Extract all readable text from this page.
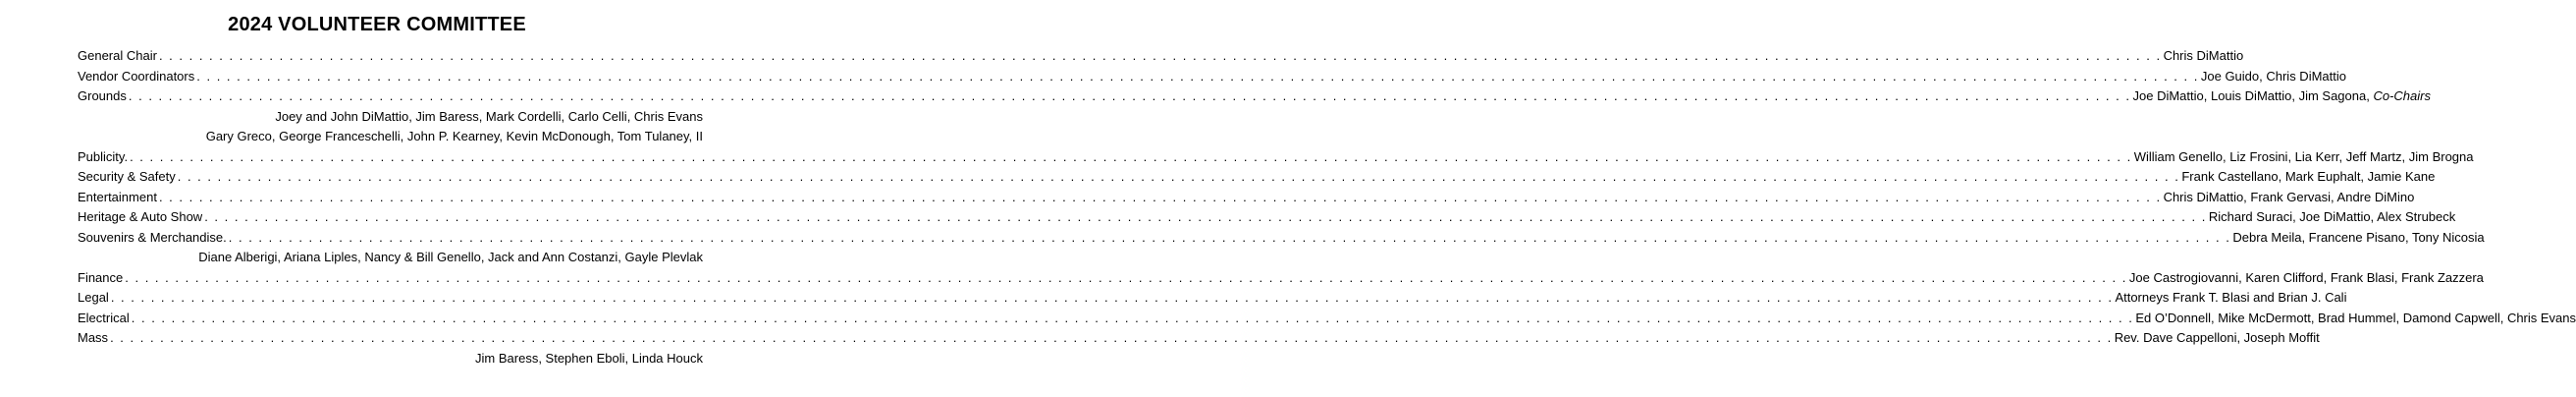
2024 VOLUNTEER COMMITTEE
General Chair . . . . . . . . . . . . . . . . . . . . . . . . . . . . . . . . . . . . . . . . . . . . . . . . . . . . . . . . . . . . . . . . . . . . . . . . . . . . . . . . . . . . . . . . . . . . . . . . . . . . . . . . . . . . . . . . . . . . . . . . . . . . . . . . . . . . . . . . . . . . . . . . . . . . . . . . . . . . . . . . . . . . . . . . . . . . . . . . . . . . . . . . . . . . . . . . . . . . . . . . Chris DiMattio
Vendor Coordinators . . . . . . . . . . . . . . . . . . . . . . . . . . . . . . . . . . . . . . . . . . . . . . . . . . . . . . . . . . . . . . . . . . . . . . . . . . . . . . . . . . . . . . . . . . . . . . . . . . . . . . . . . . . . . . . . . . . . . . . . . . . . . . . . . . . . . . . . . . . . . . . . . . . . . . . . . . . . . . . . . . . . . . . . . . . . . . . . . . . . . . . . . . . . . . . . . . . . . . . . Joe Guido, Chris DiMattio
Grounds . . . . . . . . . . . . . . . . . . . . . . . . . . . . . . . . . . . . . . . . . . . . . . . . . . . . . . . . . . . . . . . . . . . . . . . . . . . . . . . . . . . . . . . . . . . . . . . . . . . . . . . . . . . . . . . . . . . . . . . . . . . . . . . . . . . . . . . . . . . . . . . . . . . . . . . . . . . . . . . . . . . . . . . . . . . . . . . . . . . . . . . . . . . . . . . . . . . . . . . . Joe DiMattio, Louis DiMattio, Jim Sagona, Co-Chairs
Joey and John DiMattio, Jim Baress, Mark Cordelli, Carlo Celli, Chris Evans
Gary Greco, George Franceschelli, John P. Kearney, Kevin McDonough, Tom Tulaney, II
Publicity. . . . . . . . . . . . . . . . . . . . . . . . . . . . . . . . . . . . . . . . . . . . . . . . . . . . . . . . . . . . . . . . . . . . . . . . . . . . . . . . . . . . . . . . . . . . . . . . . . . . . . . . . . . . . . . . . . . . . . . . . . . . . . . . . . . . . . . . . . . . . . . . . . . . . . . . . . . . . . . . . . . . . . . . . . . . . . . . . . . . . . . . . . . . . . . . . . . . . . . . . William Genello, Liz Frosini, Lia Kerr, Jeff Martz, Jim Brogna
Security & Safety . . . . . . . . . . . . . . . . . . . . . . . . . . . . . . . . . . . . . . . . . . . . . . . . . . . . . . . . . . . . . . . . . . . . . . . . . . . . . . . . . . . . . . . . . . . . . . . . . . . . . . . . . . . . . . . . . . . . . . . . . . . . . . . . . . . . . . . . . . . . . . . . . . . . . . . . . . . . . . . . . . . . . . . . . . . . . . . . . . . . . . . . . . . . . . . . . . . . . . . . Frank Castellano, Mark Euphalt, Jamie Kane
Entertainment . . . . . . . . . . . . . . . . . . . . . . . . . . . . . . . . . . . . . . . . . . . . . . . . . . . . . . . . . . . . . . . . . . . . . . . . . . . . . . . . . . . . . . . . . . . . . . . . . . . . . . . . . . . . . . . . . . . . . . . . . . . . . . . . . . . . . . . . . . . . . . . . . . . . . . . . . . . . . . . . . . . . . . . . . . . . . . . . . . . . . . . . . . . . . . . . . . . . . . . . Chris DiMattio, Frank Gervasi, Andre DiMino
Heritage & Auto Show . . . . . . . . . . . . . . . . . . . . . . . . . . . . . . . . . . . . . . . . . . . . . . . . . . . . . . . . . . . . . . . . . . . . . . . . . . . . . . . . . . . . . . . . . . . . . . . . . . . . . . . . . . . . . . . . . . . . . . . . . . . . . . . . . . . . . . . . . . . . . . . . . . . . . . . . . . . . . . . . . . . . . . . . . . . . . . . . . . . . . . . . . . . . . . . . . . . . . . . . Richard Suraci, Joe DiMattio, Alex Strubeck
Souvenirs & Merchandise. . . . . . . . . . . . . . . . . . . . . . . . . . . . . . . . . . . . . . . . . . . . . . . . . . . . . . . . . . . . . . . . . . . . . . . . . . . . . . . . . . . . . . . . . . . . . . . . . . . . . . . . . . . . . . . . . . . . . . . . . . . . . . . . . . . . . . . . . . . . . . . . . . . . . . . . . . . . . . . . . . . . . . . . . . . . . . . . . . . . . . . . . . . . . . . . . . . . . . . . . Debra Meila, Francene Pisano, Tony Nicosia
Diane Alberigi, Ariana Liples, Nancy & Bill Genello, Jack and Ann Costanzi, Gayle Plevlak
Finance . . . . . . . . . . . . . . . . . . . . . . . . . . . . . . . . . . . . . . . . . . . . . . . . . . . . . . . . . . . . . . . . . . . . . . . . . . . . . . . . . . . . . . . . . . . . . . . . . . . . . . . . . . . . . . . . . . . . . . . . . . . . . . . . . . . . . . . . . . . . . . . . . . . . . . . . . . . . . . . . . . . . . . . . . . . . . . . . . . . . . . . . . . . . . . . . . . . . . . . . Joe Castrogiovanni, Karen Clifford, Frank Blasi, Frank Zazzera
Legal . . . . . . . . . . . . . . . . . . . . . . . . . . . . . . . . . . . . . . . . . . . . . . . . . . . . . . . . . . . . . . . . . . . . . . . . . . . . . . . . . . . . . . . . . . . . . . . . . . . . . . . . . . . . . . . . . . . . . . . . . . . . . . . . . . . . . . . . . . . . . . . . . . . . . . . . . . . . . . . . . . . . . . . . . . . . . . . . . . . . . . . . . . . . . . . . . . . . . . . . Attorneys Frank T. Blasi and Brian J. Cali
Electrical . . . . . . . . . . . . . . . . . . . . . . . . . . . . . . . . . . . . . . . . . . . . . . . . . . . . . . . . . . . . . . . . . . . . . . . . . . . . . . . . . . . . . . . . . . . . . . . . . . . . . . . . . . . . . . . . . . . . . . . . . . . . . . . . . . . . . . . . . . . . . . . . . . . . . . . . . . . . . . . . . . . . . . . . . . . . . . . . . . . . . . . . . . . . . . . . . . . . . . . . Ed O’Donnell, Mike McDermott, Brad Hummel, Damond Capwell, Chris Evans
Mass . . . . . . . . . . . . . . . . . . . . . . . . . . . . . . . . . . . . . . . . . . . . . . . . . . . . . . . . . . . . . . . . . . . . . . . . . . . . . . . . . . . . . . . . . . . . . . . . . . . . . . . . . . . . . . . . . . . . . . . . . . . . . . . . . . . . . . . . . . . . . . . . . . . . . . . . . . . . . . . . . . . . . . . . . . . . . . . . . . . . . . . . . . . . . . . . . . . . . . . . Rev. Dave Cappelloni, Joseph Moffit
Jim Baress, Stephen Eboli, Linda Houck
